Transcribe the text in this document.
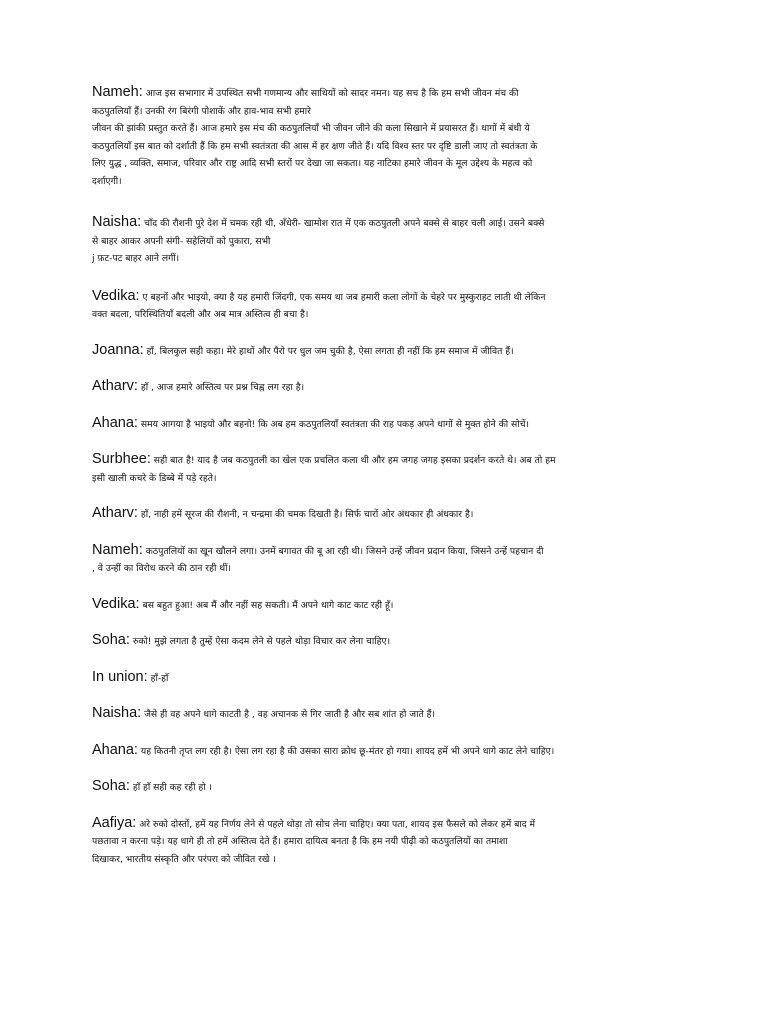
Nameh: आज इस सभागार में उपस्थित सभी गणमान्य और साथियों को सादर नमन। यह सच है कि हम सभी जीवन मंच की
कठपुतलियाँ हैं। उनकी रंग बिरंगी पोशाकें और हाव-भाव सभी हमारे
जीवन की झांकी प्रस्तुत करते हैं। आज हमारे इस मंच की कठपुतलियाँ भी जीवन जीने की कला सिखाने में प्रयासरत हैं। धागों में बंधी ये
कठपुतलियाँ इस बात को दर्शाती हैं कि हम सभी स्वतंत्रता की आस में हर क्षण जीते हैं। यदि विश्व स्तर पर दृष्टि डाली जाए तो स्वतंत्रता के
लिए युद्ध , व्यक्ति, समाज, परिवार और राष्ट्र आदि सभी स्तरों पर देखा जा सकता। यह नाटिका हमारे जीवन के मूल उद्देश्य के महत्व को
दर्शाएगी।

Naisha: चाँद की रौशनी पुरे देश में चमक रही थी, अँधेरी- खामोश रात में एक कठपुतली अपने बक्से से बाहर चली आई। उसने बक्से
से बाहर आकर अपनी संगी- सहेलियों को पुकारा, सभी
j फ़ट-पट बाहर आने लगीं।

Vedika: ए बहनों और भाइयो, क्या है यह हमारी जिंदगी, एक समय था जब हमारी कला लोगों के चेहरे पर मुस्कुराहट लाती थी लेकिन
वक्त बदला, परिस्थितियाँ बदली और अब मात्र अस्तित्व ही बचा है।

Joanna: हाँ, बिलकुल सही कहा। मेरे हाथों और पैरो पर धुल जम चुकी है, ऐसा लगता ही नहीं कि हम समाज में जीवित हैं।

Atharv: हाँ , आज हमारे अस्तित्व पर प्रश्न चिह्न लग रहा है।

Ahana: समय आगया है भाइयो और बहनो! कि अब हम कठपुतलियाँ स्वतंत्रता की राह पकड़ अपने धागों से मुक्त होने की सोचें।

Surbhee: सही बात है! याद है जब कठपुतली का खेल एक प्रचलित कला थी और हम जगह जगह इसका प्रदर्शन करते थे। अब तो हम
इसी खाली कचरे के डिब्बे में पड़े रहते।

Atharv: हाँ, नाही हमें सूरज की रौशनी, न चन्द्रमा की चमक दिखती है। सिर्फ चारों ओर अंधकार ही अंधकार है।

Nameh: कठपुतलियों का खून खौलने लगा। उनमें बगावत की बू आ रही थी। जिसने उन्हें जीवन प्रदान किया, जिसने उन्हें पहचान दी
, वे उन्हीं का विरोध करने की ठान रही थीं।

Vedika: बस बहुत हुआ! अब मैं और नहीं सह सकती। मैं अपने धागे काट काट रही हूँ।

Soha: रुको! मुझे लगता है तुम्हें ऐसा कदम लेने से पहले थोड़ा विचार कर लेना चाहिए।

In union: हाँ-हाँ

Naisha: जैसे ही वह अपने धागे काटती है , वह अचानक से गिर जाती है और सब शांत हो जाते हैं।

Ahana: यह कितनी तृप्त लग रही है। ऐसा लग रहा है की उसका सारा क्रोध छू-मंतर हो गया। शायद हमें भी अपने धागे काट लेने चाहिए।

Soha: हाँ हाँ सही कह रही हो ।

Aafiya: अरे रुको दोस्तों, हमें यह निर्णय लेने से पहले थोड़ा तो सोच लेना चाहिए। क्या पता, शायद इस फैसले को लेकर हमें बाद में
पछतावा न करना पड़े। यह धागे ही तो हमें अस्तित्व देते हैं। हमारा दायित्व बनता है कि हम नयी पीढ़ी को कठपुतलियों का तमाशा
दिखाकर, भारतीय संस्कृति और परंपरा को जीवित रखे ।
